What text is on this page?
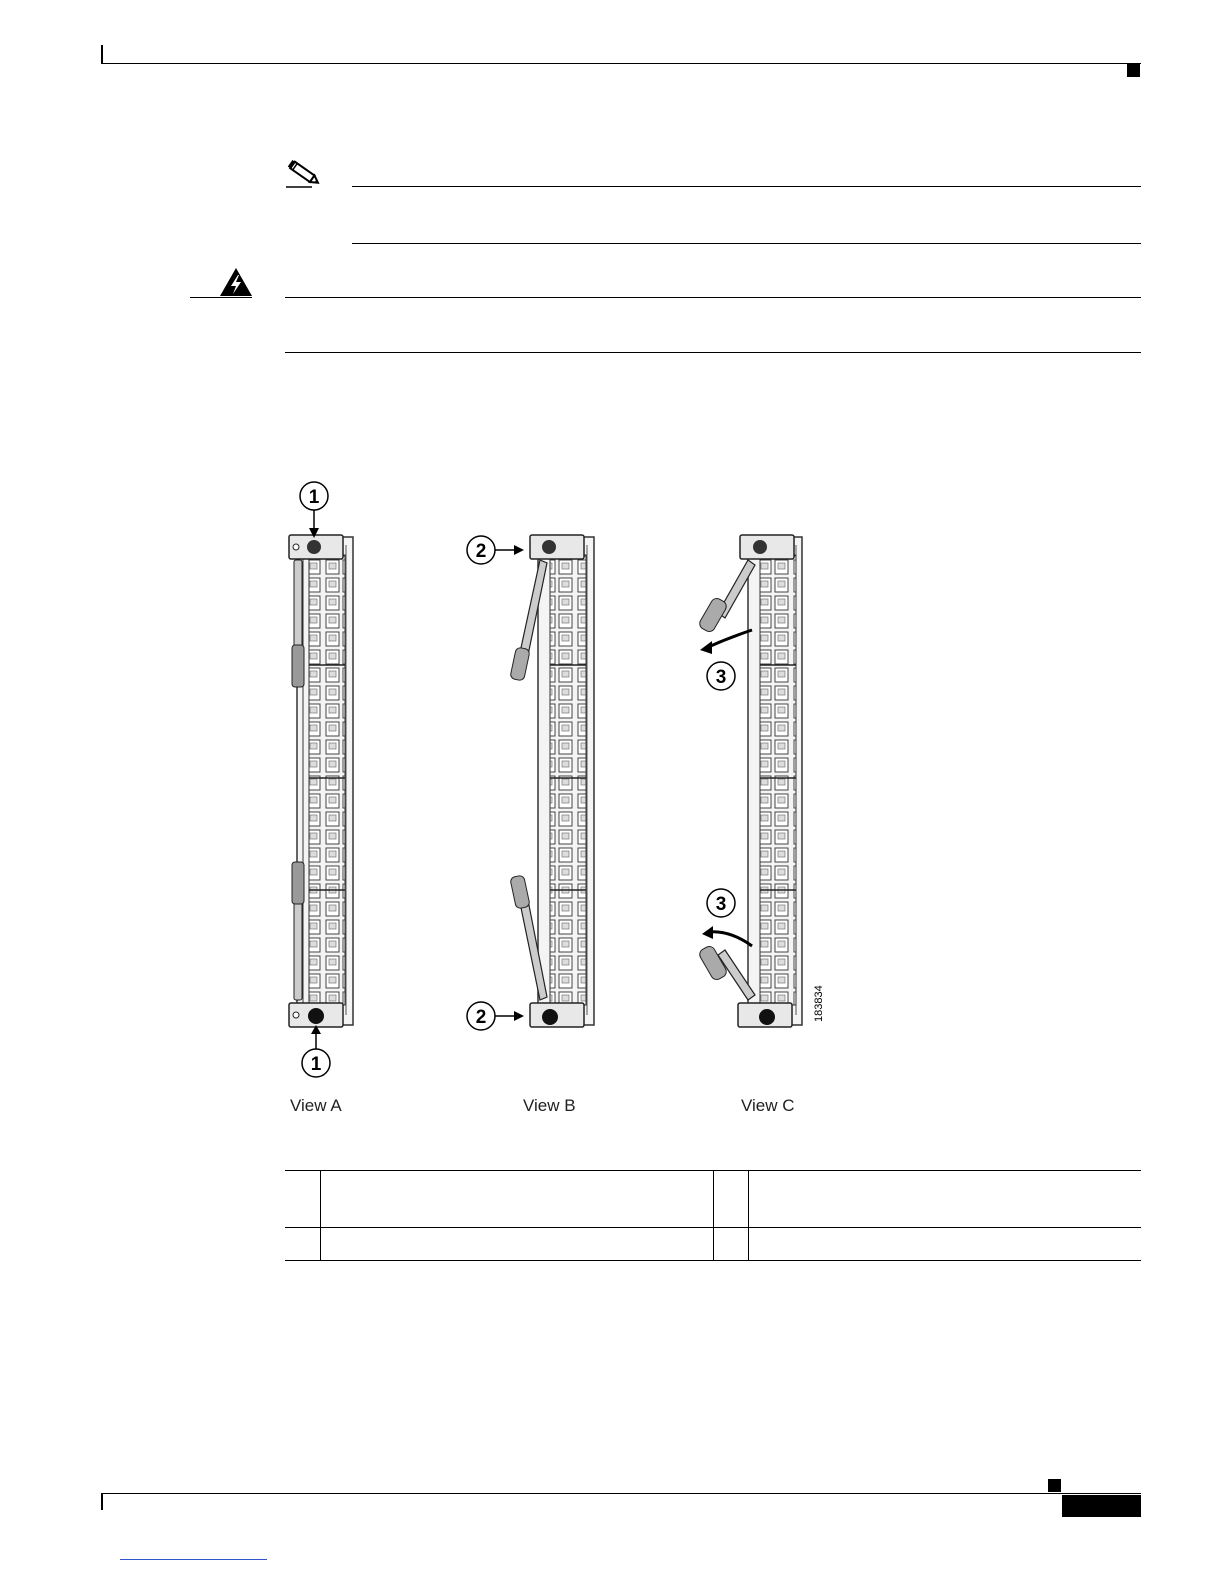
1
1
2
2
3
3
183834
View A	View B	View C
